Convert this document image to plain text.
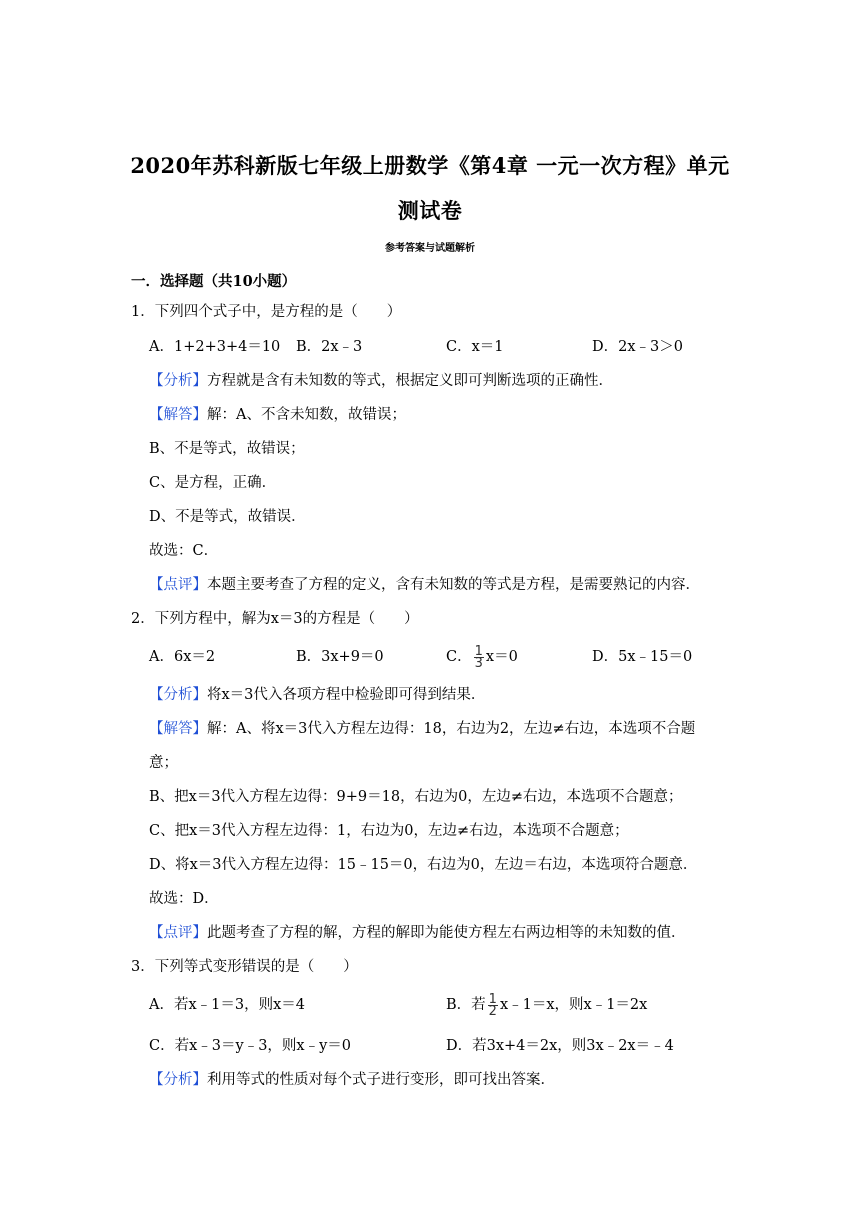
2020年苏科新版七年级上册数学《第4章 一元一次方程》单元
测试卷
参考答案与试题解析
一．选择题（共10小题）
1．下列四个式子中，是方程的是（　　）
A．1+2+3+4＝10 B．2x﹣3	C．x＝1	D．2x﹣3＞0
【分析】方程就是含有未知数的等式，根据定义即可判断选项的正确性．
【解答】解：A、不含未知数，故错误；
B、不是等式，故错误；
C、是方程，正确．
D、不是等式，故错误．
故选：C．
【点评】本题主要考查了方程的定义，含有未知数的等式是方程，是需要熟记的内容．
2．下列方程中，解为x＝3的方程是（　　）
A．6x＝2	B．3x+9＝0	C． $\frac{1}{3} x=0$	D．5x﹣15＝0
【分析】将x＝3代入各项方程中检验即可得到结果．
【解答】解：A、将x＝3代入方程左边得：18，右边为2，左边≠右边，本选项不合题
意；
B、把x＝3代入方程左边得：9+9＝18，右边为0，左边≠右边，本选项不合题意；
C、把x＝3代入方程左边得：1，右边为0，左边≠右边，本选项不合题意；
D、将x＝3代入方程左边得：15﹣15＝0，右边为0，左边＝右边，本选项符合题意．
故选：D．
【点评】此题考查了方程的解，方程的解即为能使方程左右两边相等的未知数的值．
3．下列等式变形错误的是（　　）
A．若x﹣1＝3，则x＝4	B．若 $\frac{1}{2}$ x﹣1＝x，则x﹣1＝2x
C．若x﹣3＝y﹣3，则x﹣y＝0	D．若3x+4＝2x，则3x﹣2x＝﹣4
【分析】利用等式的性质对每个式子进行变形，即可找出答案．
